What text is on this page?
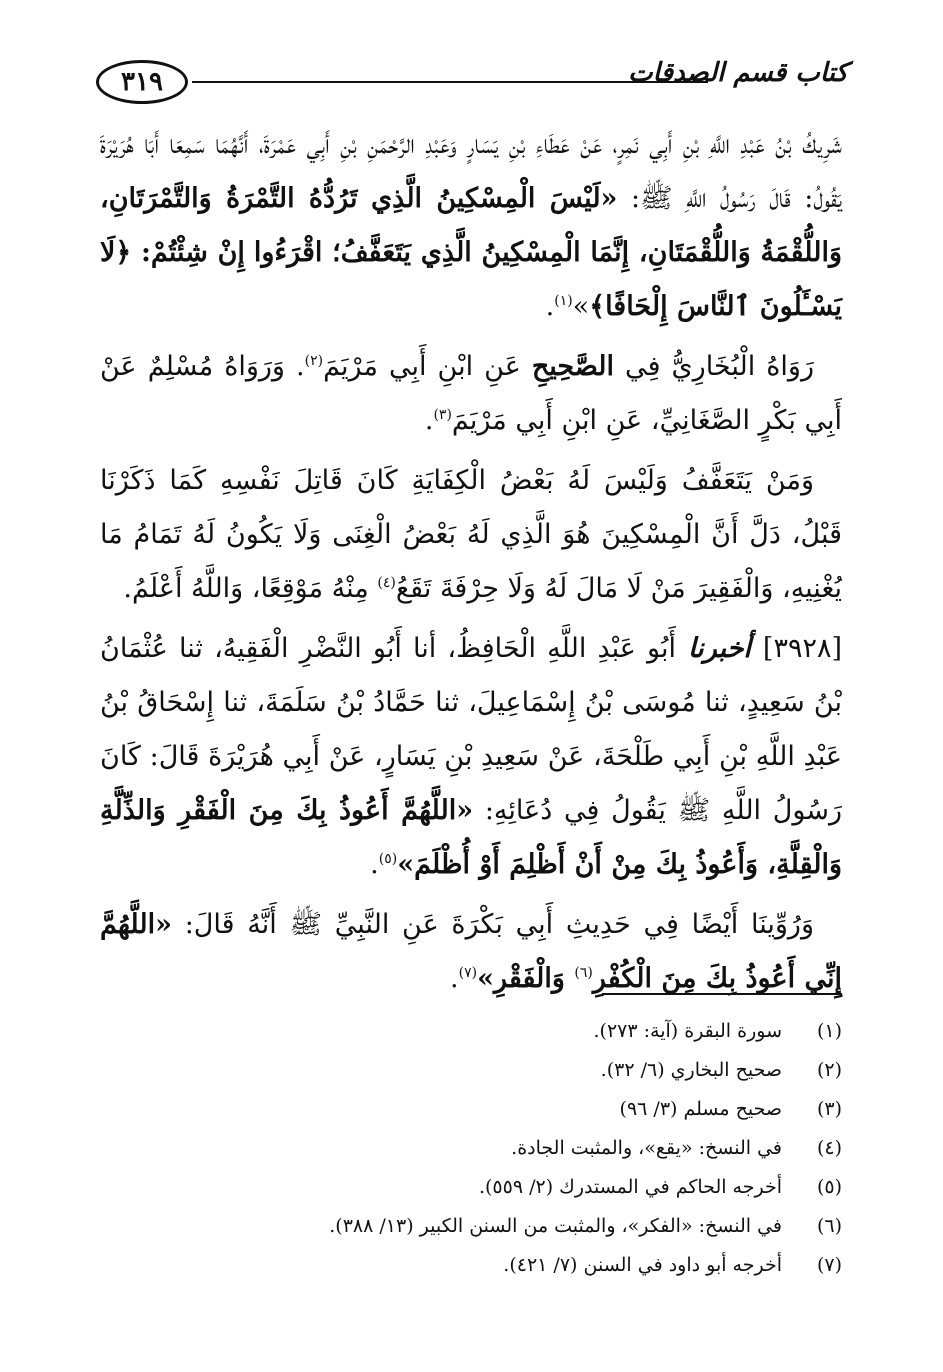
٣١٩	كتاب قسم الصدقات

شَرِيكُ بْنُ عَبْدِ اللَّهِ بْنِ أَبِي نَمِرٍ، عَنْ عَطَاءِ بْنِ يَسَارٍ وَعَبْدِ الرَّحْمَنِ بْنِ أَبِي عَمْرَةَ، أَنَّهُمَا سَمِعَا أَبَا هُرَيْرَةَ يَقُولُ: قَالَ رَسُولُ اللَّهِ ﷺ: «لَيْسَ الْمِسْكِينُ الَّذِي تَرُدُّهُ التَّمْرَةُ وَالتَّمْرَتَانِ، وَاللُّقْمَةُ وَاللُّقْمَتَانِ، إِنَّمَا الْمِسْكِينُ الَّذِي يَتَعَفَّفُ؛ اقْرَءُوا إِنْ شِئْتُمْ: ﴿لَا يَسْـَٔلُونَ ٱلنَّاسَ إِلْحَافًا﴾»$^{(١)}$.

رَوَاهُ الْبُخَارِيُّ فِي الصَّحِيحِ عَنِ ابْنِ أَبِي مَرْيَمَ$^{(٢)}$. وَرَوَاهُ مُسْلِمٌ عَنْ أَبِي بَكْرٍ الصَّغَانِيِّ، عَنِ ابْنِ أَبِي مَرْيَمَ$^{(٣)}$.

وَمَنْ يَتَعَفَّفُ وَلَيْسَ لَهُ بَعْضُ الْكِفَايَةِ كَانَ قَاتِلَ نَفْسِهِ كَمَا ذَكَرْنَا قَبْلُ، دَلَّ أَنَّ الْمِسْكِينَ هُوَ الَّذِي لَهُ بَعْضُ الْغِنَى وَلَا يَكُونُ لَهُ تَمَامُ مَا يُغْنِيهِ، وَالْفَقِيرَ مَنْ لَا مَالَ لَهُ وَلَا حِرْفَةَ تَقَعُ$^{(٤)}$ مِنْهُ مَوْقِعًا، وَاللَّهُ أَعْلَمُ.

[٣٩٢٨] أخبرنا أَبُو عَبْدِ اللَّهِ الْحَافِظُ، أنا أَبُو النَّضْرِ الْفَقِيهُ، ثنا عُثْمَانُ بْنُ سَعِيدٍ، ثنا مُوسَى بْنُ إِسْمَاعِيلَ، ثنا حَمَّادُ بْنُ سَلَمَةَ، ثنا إِسْحَاقُ بْنُ عَبْدِ اللَّهِ بْنِ أَبِي طَلْحَةَ، عَنْ سَعِيدِ بْنِ يَسَارٍ، عَنْ أَبِي هُرَيْرَةَ قَالَ: كَانَ رَسُولُ اللَّهِ ﷺ يَقُولُ فِي دُعَائِهِ: «اللَّهُمَّ أَعُوذُ بِكَ مِنَ الْفَقْرِ وَالذِّلَّةِ وَالْقِلَّةِ، وَأَعُوذُ بِكَ مِنْ أَنْ أَظْلِمَ أَوْ أُظْلَمَ»$^{(٥)}$.

وَرُوِّينَا أَيْضًا فِي حَدِيثِ أَبِي بَكْرَةَ عَنِ النَّبِيِّ ﷺ أَنَّهُ قَالَ: «اللَّهُمَّ إِنِّي أَعُوذُ بِكَ مِنَ الْكُفْرِ$^{(٦)}$ وَالْفَقْرِ»$^{(٧)}$.

(١)
سورة البقرة (آية: ٢٧٣).
(٢)
صحيح البخاري (٦/ ٣٢).
(٣)
صحيح مسلم (٣/ ٩٦)
(٤)
في النسخ: «يقع»، والمثبت الجادة.
(٥)
أخرجه الحاكم في المستدرك (٢/ ٥٥٩).
(٦)
في النسخ: «الفكر»، والمثبت من السنن الكبير (١٣/ ٣٨٨).
(٧)
أخرجه أبو داود في السنن (٧/ ٤٢١).
